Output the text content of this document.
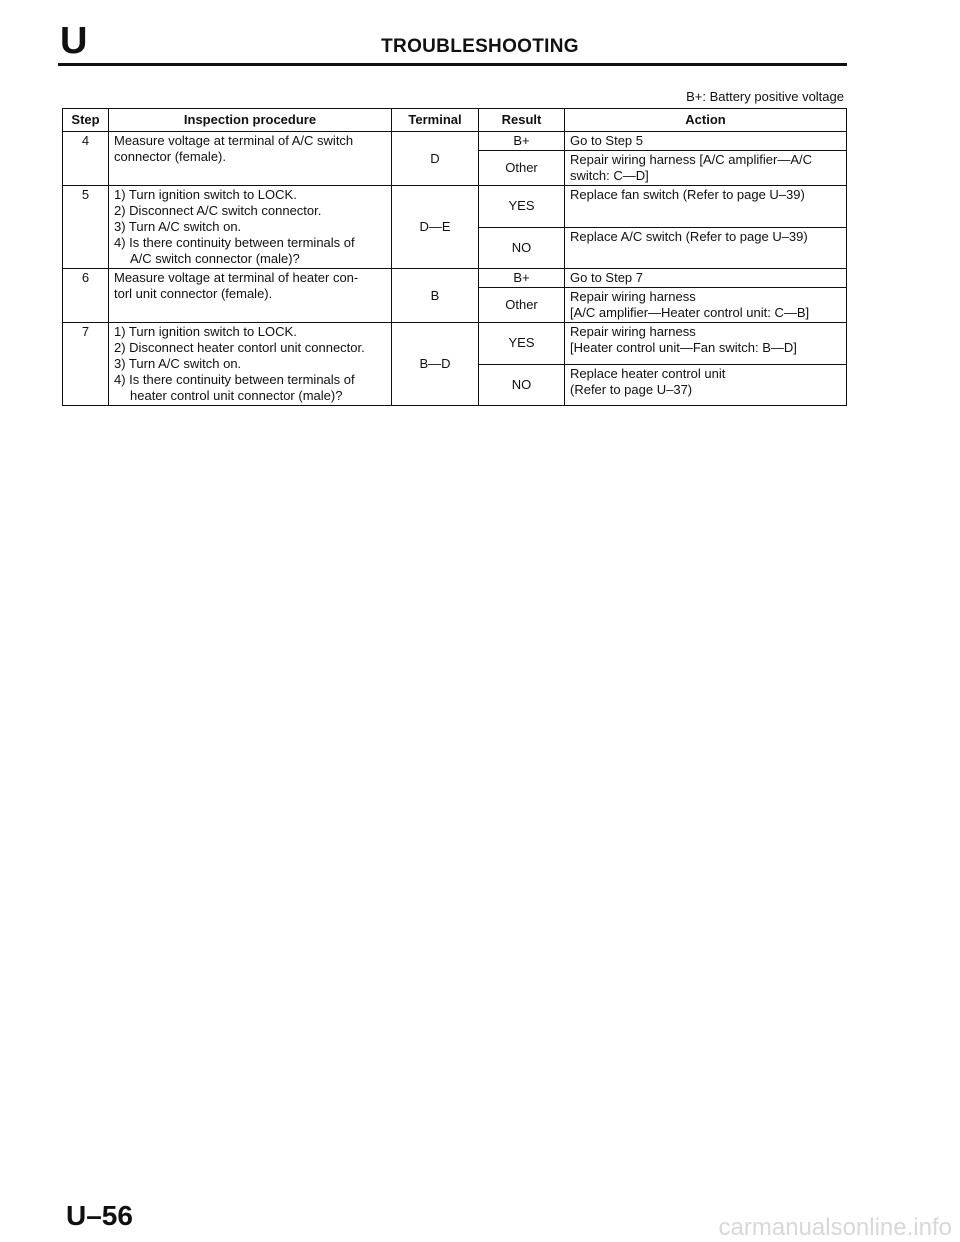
U	TROUBLESHOOTING
B+: Battery positive voltage
Step	Inspection procedure	Terminal	Result	Action
4	Measure voltage at terminal of A/C switch
connector (female).	D	B+	Go to Step 5

			Other	Repair wiring harness [A/C amplifier—A/C
switch: C—D]

5	1) Turn ignition switch to LOCK.
2) Disconnect A/C switch connector.
3) Turn A/C switch on.
4) Is there continuity between terminals of
A/C switch connector (male)?	D—E	YES	Replace fan switch (Refer to page U–39)

			NO	Replace A/C switch (Refer to page U–39)

6	Measure voltage at terminal of heater con-
torl unit connector (female).	B	B+	Go to Step 7

			Other	Repair wiring harness
[A/C amplifier—Heater control unit: C—B]

7	1) Turn ignition switch to LOCK.
2) Disconnect heater contorl unit connector.
3) Turn A/C switch on.
4) Is there continuity between terminals of
heater control unit connector (male)?	B—D	YES	Repair wiring harness
[Heater control unit—Fan switch: B—D]

			NO	Replace heater control unit
(Refer to page U–37)
U–56	carmanualsonline.info
